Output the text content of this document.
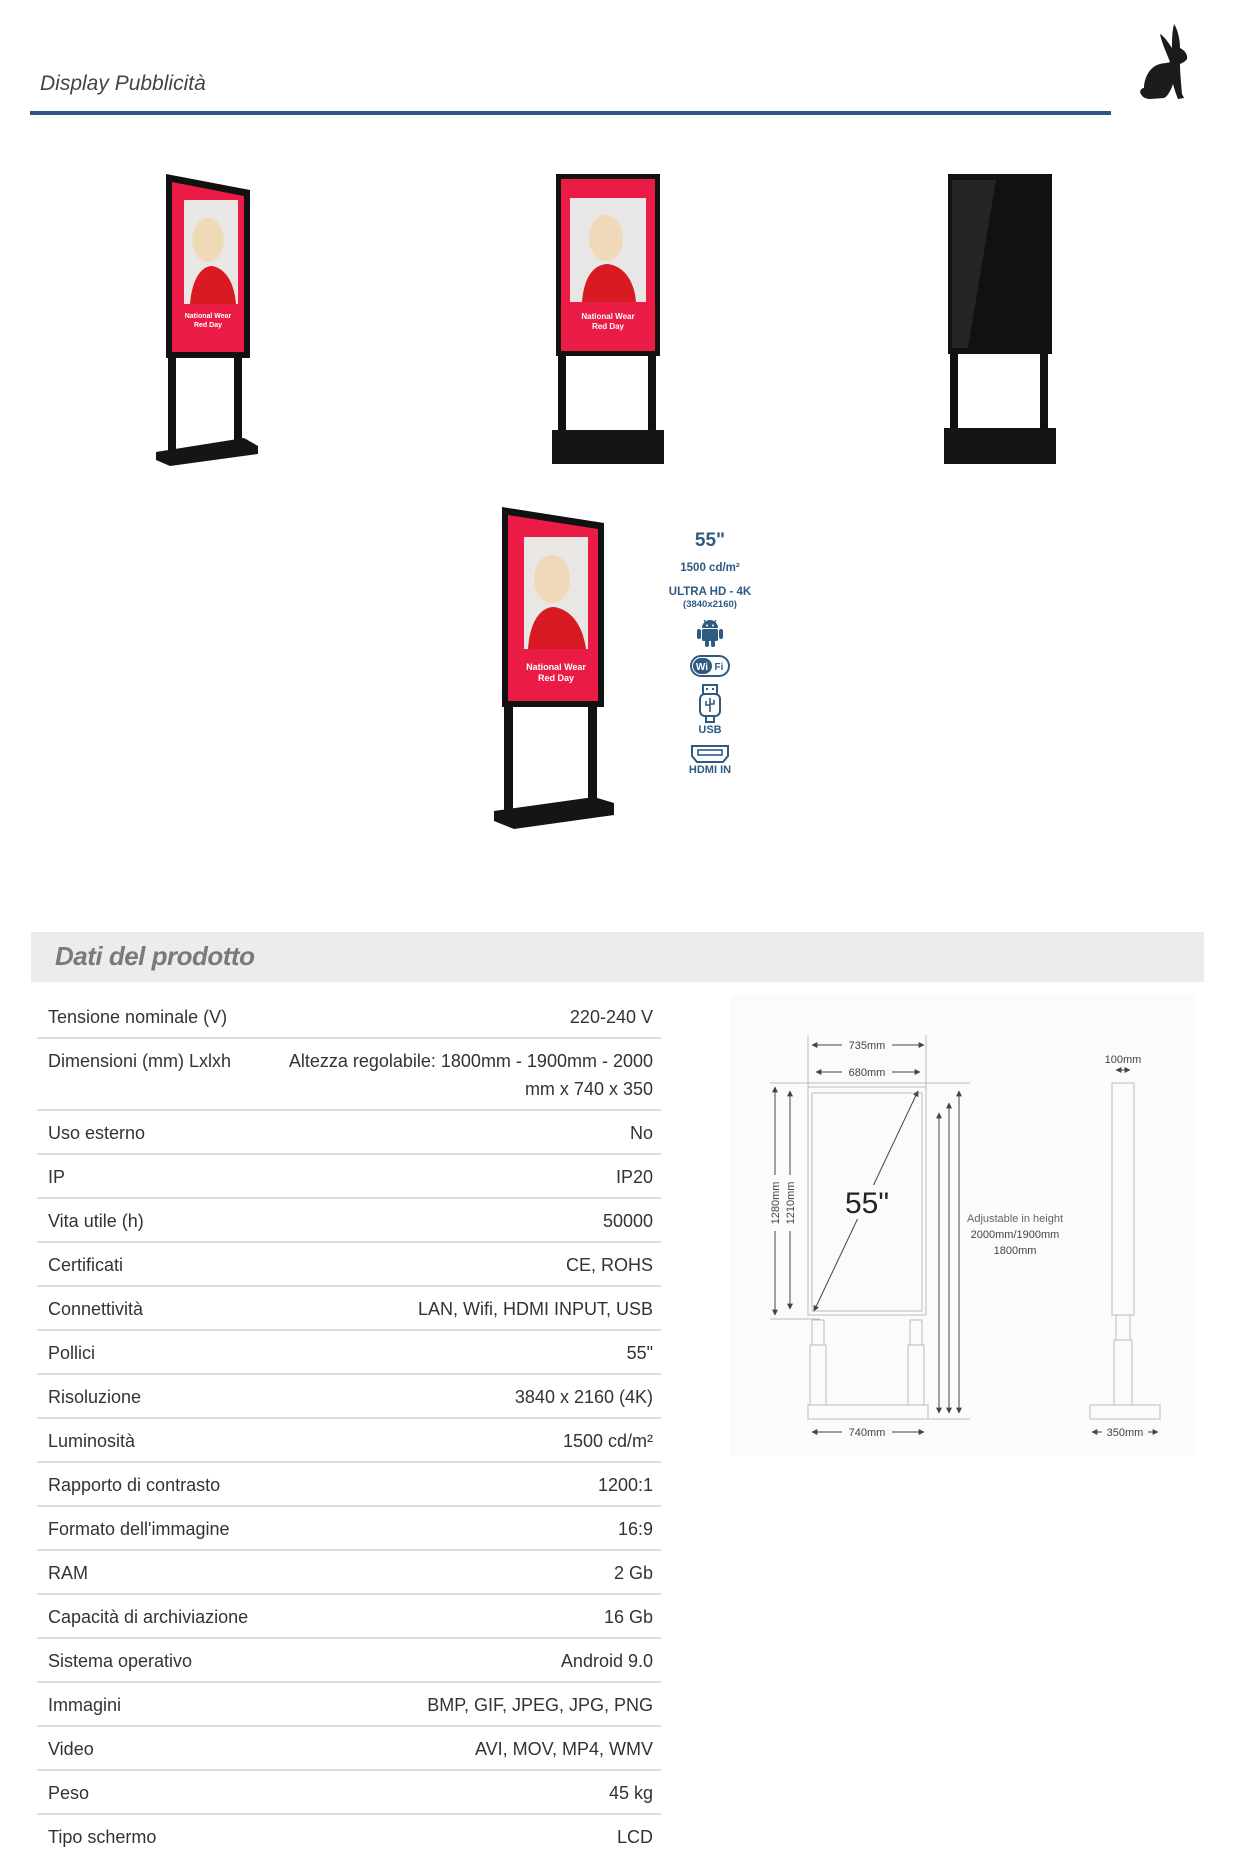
Display Pubblicità
National Wear
Red Day
National Wear
Red Day
National Wear
Red Day
55"
1500 cd/m²
ULTRA HD - 4K
(3840x2160)
Wi Fi
USB
HDMI IN
Dati del prodotto
Tensione nominale (V)	220-240 V
Dimensioni (mm) Lxlxh	Altezza regolabile: 1800mm - 1900mm - 2000 mm x 740 x 350
Uso esterno	No
IP	IP20
Vita utile (h)	50000
Certificati	CE, ROHS
Connettività	LAN, Wifi, HDMI INPUT, USB
Pollici	55"
Risoluzione	3840 x 2160 (4K)
Luminosità	1500 cd/m²
Rapporto di contrasto	1200:1
Formato dell'immagine	16:9
RAM	2 Gb
Capacità di archiviazione	16 Gb
Sistema operativo	Android 9.0
Immagini	BMP, GIF, JPEG, JPG, PNG
Video	AVI, MOV, MP4, WMV
Peso	45 kg
Tipo schermo	LCD
735mm
680mm
1280mm 1210mm 55"	Adjustable in height
2000mm/1900mm
1800mm
740mm
100mm
350mm
